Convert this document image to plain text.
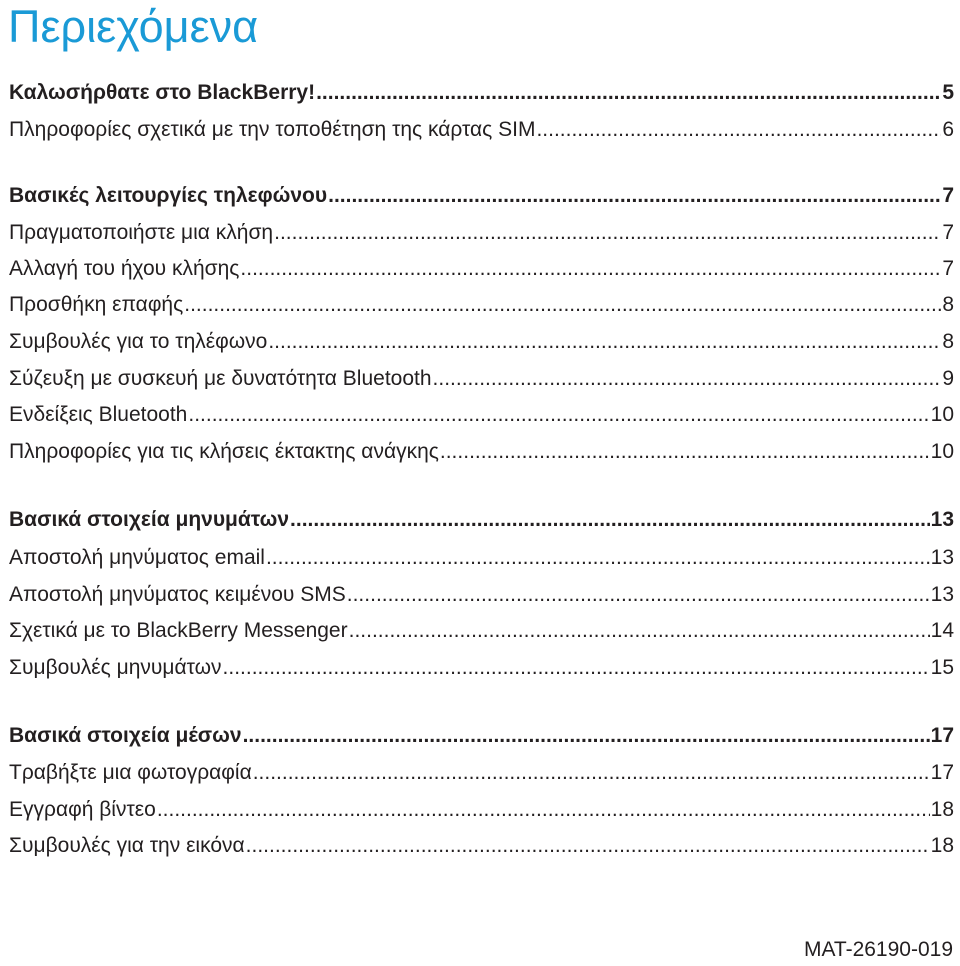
Περιεχόμενα
Καλωσήρθατε στο BlackBerry! .....	5
Πληροφορίες σχετικά με την τοποθέτηση της κάρτας SIM .....	6
Βασικές λειτουργίες τηλεφώνου .....	7
Πραγματοποιήστε μια κλήση .....	7
Αλλαγή του ήχου κλήσης .....	7
Προσθήκη επαφής .....	8
Συμβουλές για το τηλέφωνο .....	8
Σύζευξη με συσκευή με δυνατότητα Bluetooth .....	9
Ενδείξεις Bluetooth .....	10
Πληροφορίες για τις κλήσεις έκτακτης ανάγκης .....	10
Βασικά στοιχεία μηνυμάτων .....	13
Αποστολή μηνύματος email .....	13
Αποστολή μηνύματος κειμένου SMS .....	13
Σχετικά με το BlackBerry Messenger .....	14
Συμβουλές μηνυμάτων .....	15
Βασικά στοιχεία μέσων .....	17
Τραβήξτε μια φωτογραφία .....	17
Εγγραφή βίντεο .....	18
Συμβουλές για την εικόνα .....	18
MAT-26190-019
